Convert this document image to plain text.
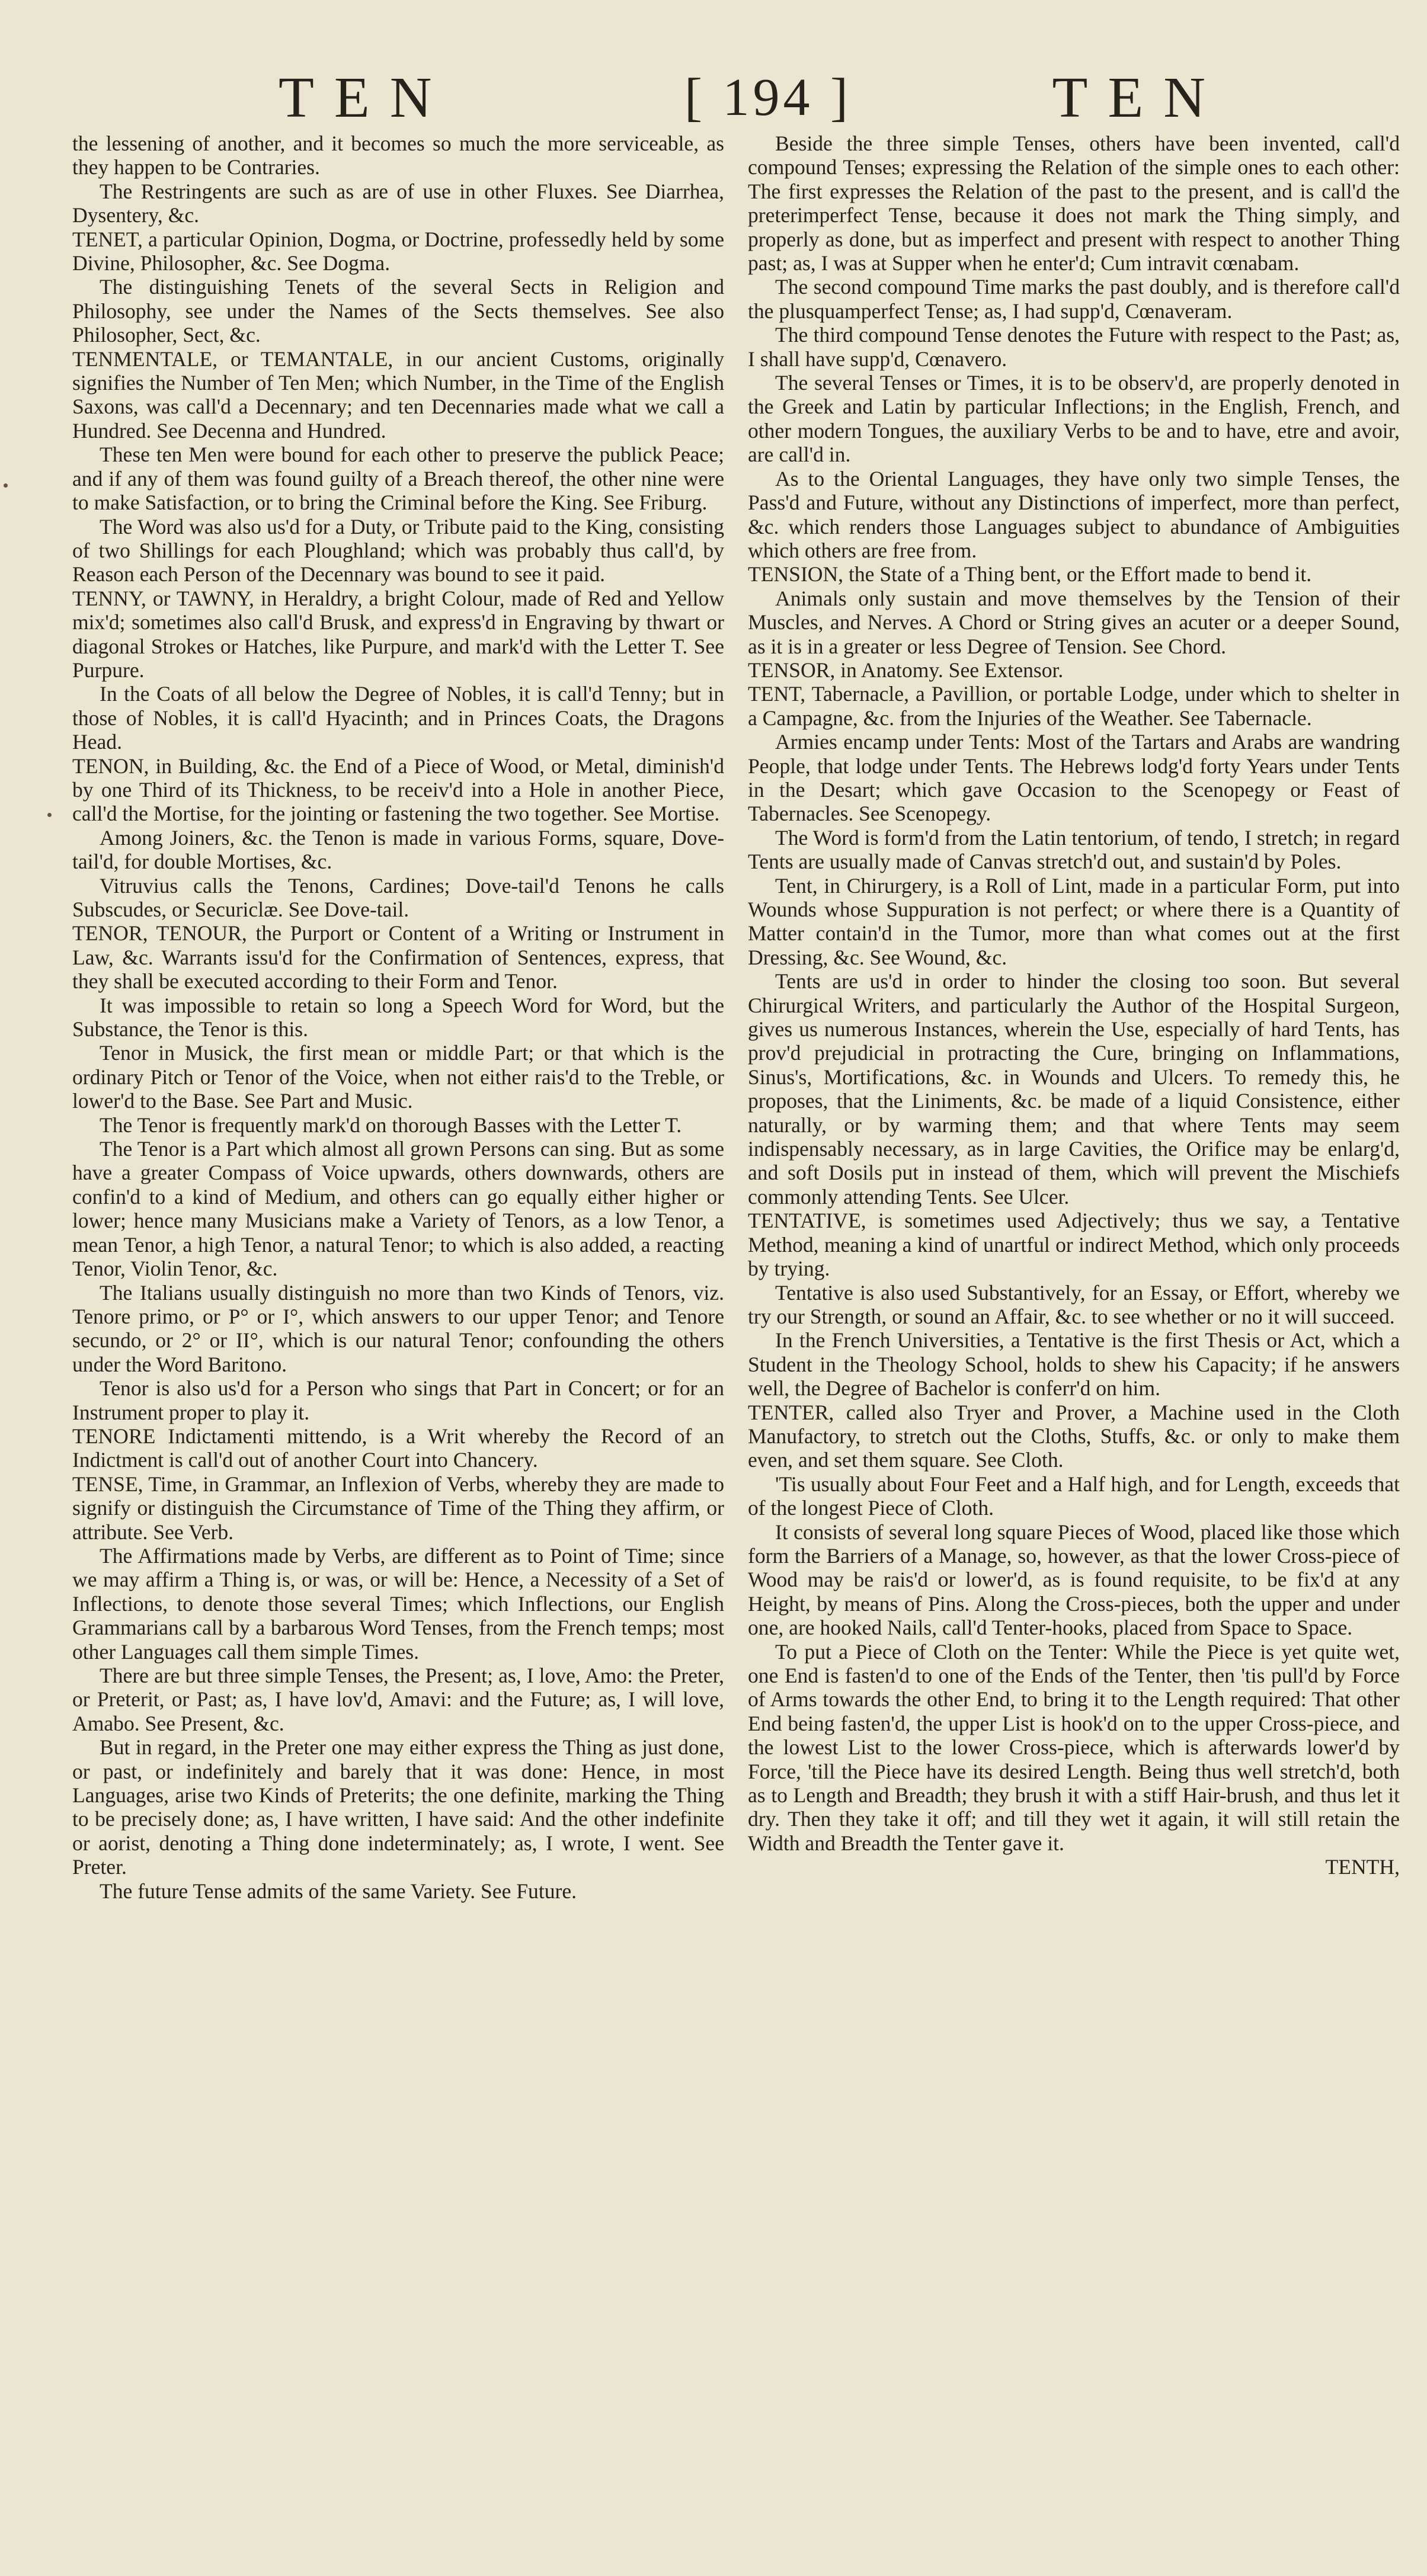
TEN	[ 194 ]	TEN

the lessening of another, and it becomes so much the more serviceable, as they happen to be Contraries.

The Restringents are such as are of use in other Fluxes. See Diarrhea, Dysentery, &c.

TENET, a particular Opinion, Dogma, or Doctrine, professedly held by some Divine, Philosopher, &c. See Dogma.

The distinguishing Tenets of the several Sects in Religion and Philosophy, see under the Names of the Sects themselves. See also Philosopher, Sect, &c.

TENMENTALE, or TEMANTALE, in our ancient Customs, originally signifies the Number of Ten Men; which Number, in the Time of the English Saxons, was call'd a Decennary; and ten Decennaries made what we call a Hundred. See Decenna and Hundred.

These ten Men were bound for each other to preserve the publick Peace; and if any of them was found guilty of a Breach thereof, the other nine were to make Satisfaction, or to bring the Criminal before the King. See Friburg.

The Word was also us'd for a Duty, or Tribute paid to the King, consisting of two Shillings for each Ploughland; which was probably thus call'd, by Reason each Person of the Decennary was bound to see it paid.

TENNY, or TAWNY, in Heraldry, a bright Colour, made of Red and Yellow mix'd; sometimes also call'd Brusk, and express'd in Engraving by thwart or diagonal Strokes or Hatches, like Purpure, and mark'd with the Letter T. See Purpure.

In the Coats of all below the Degree of Nobles, it is call'd Tenny; but in those of Nobles, it is call'd Hyacinth; and in Princes Coats, the Dragons Head.

TENON, in Building, &c. the End of a Piece of Wood, or Metal, diminish'd by one Third of its Thickness, to be receiv'd into a Hole in another Piece, call'd the Mortise, for the jointing or fastening the two together. See Mortise.

Among Joiners, &c. the Tenon is made in various Forms, square, Dove-tail'd, for double Mortises, &c.

Vitruvius calls the Tenons, Cardines; Dove-tail'd Tenons he calls Subscudes, or Securiclæ. See Dove-tail.

TENOR, TENOUR, the Purport or Content of a Writing or Instrument in Law, &c. Warrants issu'd for the Confirmation of Sentences, express, that they shall be executed according to their Form and Tenor.

It was impossible to retain so long a Speech Word for Word, but the Substance, the Tenor is this.

Tenor in Musick, the first mean or middle Part; or that which is the ordinary Pitch or Tenor of the Voice, when not either rais'd to the Treble, or lower'd to the Base. See Part and Music.

The Tenor is frequently mark'd on thorough Basses with the Letter T.

The Tenor is a Part which almost all grown Persons can sing. But as some have a greater Compass of Voice upwards, others downwards, others are confin'd to a kind of Medium, and others can go equally either higher or lower; hence many Musicians make a Variety of Tenors, as a low Tenor, a mean Tenor, a high Tenor, a natural Tenor; to which is also added, a reacting Tenor, Violin Tenor, &c.

The Italians usually distinguish no more than two Kinds of Tenors, viz. Tenore primo, or P° or I°, which answers to our upper Tenor; and Tenore secundo, or 2° or II°, which is our natural Tenor; confounding the others under the Word Baritono.

Tenor is also us'd for a Person who sings that Part in Concert; or for an Instrument proper to play it.

TENORE Indictamenti mittendo, is a Writ whereby the Record of an Indictment is call'd out of another Court into Chancery.

TENSE, Time, in Grammar, an Inflexion of Verbs, whereby they are made to signify or distinguish the Circumstance of Time of the Thing they affirm, or attribute. See Verb.

The Affirmations made by Verbs, are different as to Point of Time; since we may affirm a Thing is, or was, or will be: Hence, a Necessity of a Set of Inflections, to denote those several Times; which Inflections, our English Grammarians call by a barbarous Word Tenses, from the French temps; most other Languages call them simple Times.

There are but three simple Tenses, the Present; as, I love, Amo: the Preter, or Preterit, or Past; as, I have lov'd, Amavi: and the Future; as, I will love, Amabo. See Present, &c.

But in regard, in the Preter one may either express the Thing as just done, or past, or indefinitely and barely that it was done: Hence, in most Languages, arise two Kinds of Preterits; the one definite, marking the Thing to be precisely done; as, I have written, I have said: And the other indefinite or aorist, denoting a Thing done indeterminately; as, I wrote, I went. See Preter.

The future Tense admits of the same Variety. See Future.

Beside the three simple Tenses, others have been invented, call'd compound Tenses; expressing the Relation of the simple ones to each other: The first expresses the Relation of the past to the present, and is call'd the preterimperfect Tense, because it does not mark the Thing simply, and properly as done, but as imperfect and present with respect to another Thing past; as, I was at Supper when he enter'd; Cum intravit cœnabam.

The second compound Time marks the past doubly, and is therefore call'd the plusquamperfect Tense; as, I had supp'd, Cœnaveram.

The third compound Tense denotes the Future with respect to the Past; as, I shall have supp'd, Cœnavero.

The several Tenses or Times, it is to be observ'd, are properly denoted in the Greek and Latin by particular Inflections; in the English, French, and other modern Tongues, the auxiliary Verbs to be and to have, etre and avoir, are call'd in.

As to the Oriental Languages, they have only two simple Tenses, the Pass'd and Future, without any Distinctions of imperfect, more than perfect, &c. which renders those Languages subject to abundance of Ambiguities which others are free from.

TENSION, the State of a Thing bent, or the Effort made to bend it.

Animals only sustain and move themselves by the Tension of their Muscles, and Nerves. A Chord or String gives an acuter or a deeper Sound, as it is in a greater or less Degree of Tension. See Chord.

TENSOR, in Anatomy. See Extensor.

TENT, Tabernacle, a Pavillion, or portable Lodge, under which to shelter in a Campagne, &c. from the Injuries of the Weather. See Tabernacle.

Armies encamp under Tents: Most of the Tartars and Arabs are wandring People, that lodge under Tents. The Hebrews lodg'd forty Years under Tents in the Desart; which gave Occasion to the Scenopegy or Feast of Tabernacles. See Scenopegy.

The Word is form'd from the Latin tentorium, of tendo, I stretch; in regard Tents are usually made of Canvas stretch'd out, and sustain'd by Poles.

Tent, in Chirurgery, is a Roll of Lint, made in a particular Form, put into Wounds whose Suppuration is not perfect; or where there is a Quantity of Matter contain'd in the Tumor, more than what comes out at the first Dressing, &c. See Wound, &c.

Tents are us'd in order to hinder the closing too soon. But several Chirurgical Writers, and particularly the Author of the Hospital Surgeon, gives us numerous Instances, wherein the Use, especially of hard Tents, has prov'd prejudicial in protracting the Cure, bringing on Inflammations, Sinus's, Mortifications, &c. in Wounds and Ulcers. To remedy this, he proposes, that the Liniments, &c. be made of a liquid Consistence, either naturally, or by warming them; and that where Tents may seem indispensably necessary, as in large Cavities, the Orifice may be enlarg'd, and soft Dosils put in instead of them, which will prevent the Mischiefs commonly attending Tents. See Ulcer.

TENTATIVE, is sometimes used Adjectively; thus we say, a Tentative Method, meaning a kind of unartful or indirect Method, which only proceeds by trying.

Tentative is also used Substantively, for an Essay, or Effort, whereby we try our Strength, or sound an Affair, &c. to see whether or no it will succeed.

In the French Universities, a Tentative is the first Thesis or Act, which a Student in the Theology School, holds to shew his Capacity; if he answers well, the Degree of Bachelor is conferr'd on him.

TENTER, called also Tryer and Prover, a Machine used in the Cloth Manufactory, to stretch out the Cloths, Stuffs, &c. or only to make them even, and set them square. See Cloth.

'Tis usually about Four Feet and a Half high, and for Length, exceeds that of the longest Piece of Cloth.

It consists of several long square Pieces of Wood, placed like those which form the Barriers of a Manage, so, however, as that the lower Cross-piece of Wood may be rais'd or lower'd, as is found requisite, to be fix'd at any Height, by means of Pins. Along the Cross-pieces, both the upper and under one, are hooked Nails, call'd Tenter-hooks, placed from Space to Space.

To put a Piece of Cloth on the Tenter: While the Piece is yet quite wet, one End is fasten'd to one of the Ends of the Tenter, then 'tis pull'd by Force of Arms towards the other End, to bring it to the Length required: That other End being fasten'd, the upper List is hook'd on to the upper Cross-piece, and the lowest List to the lower Cross-piece, which is afterwards lower'd by Force, 'till the Piece have its desired Length. Being thus well stretch'd, both as to Length and Breadth; they brush it with a stiff Hair-brush, and thus let it dry. Then they take it off; and till they wet it again, it will still retain the Width and Breadth the Tenter gave it.

TENTH,
